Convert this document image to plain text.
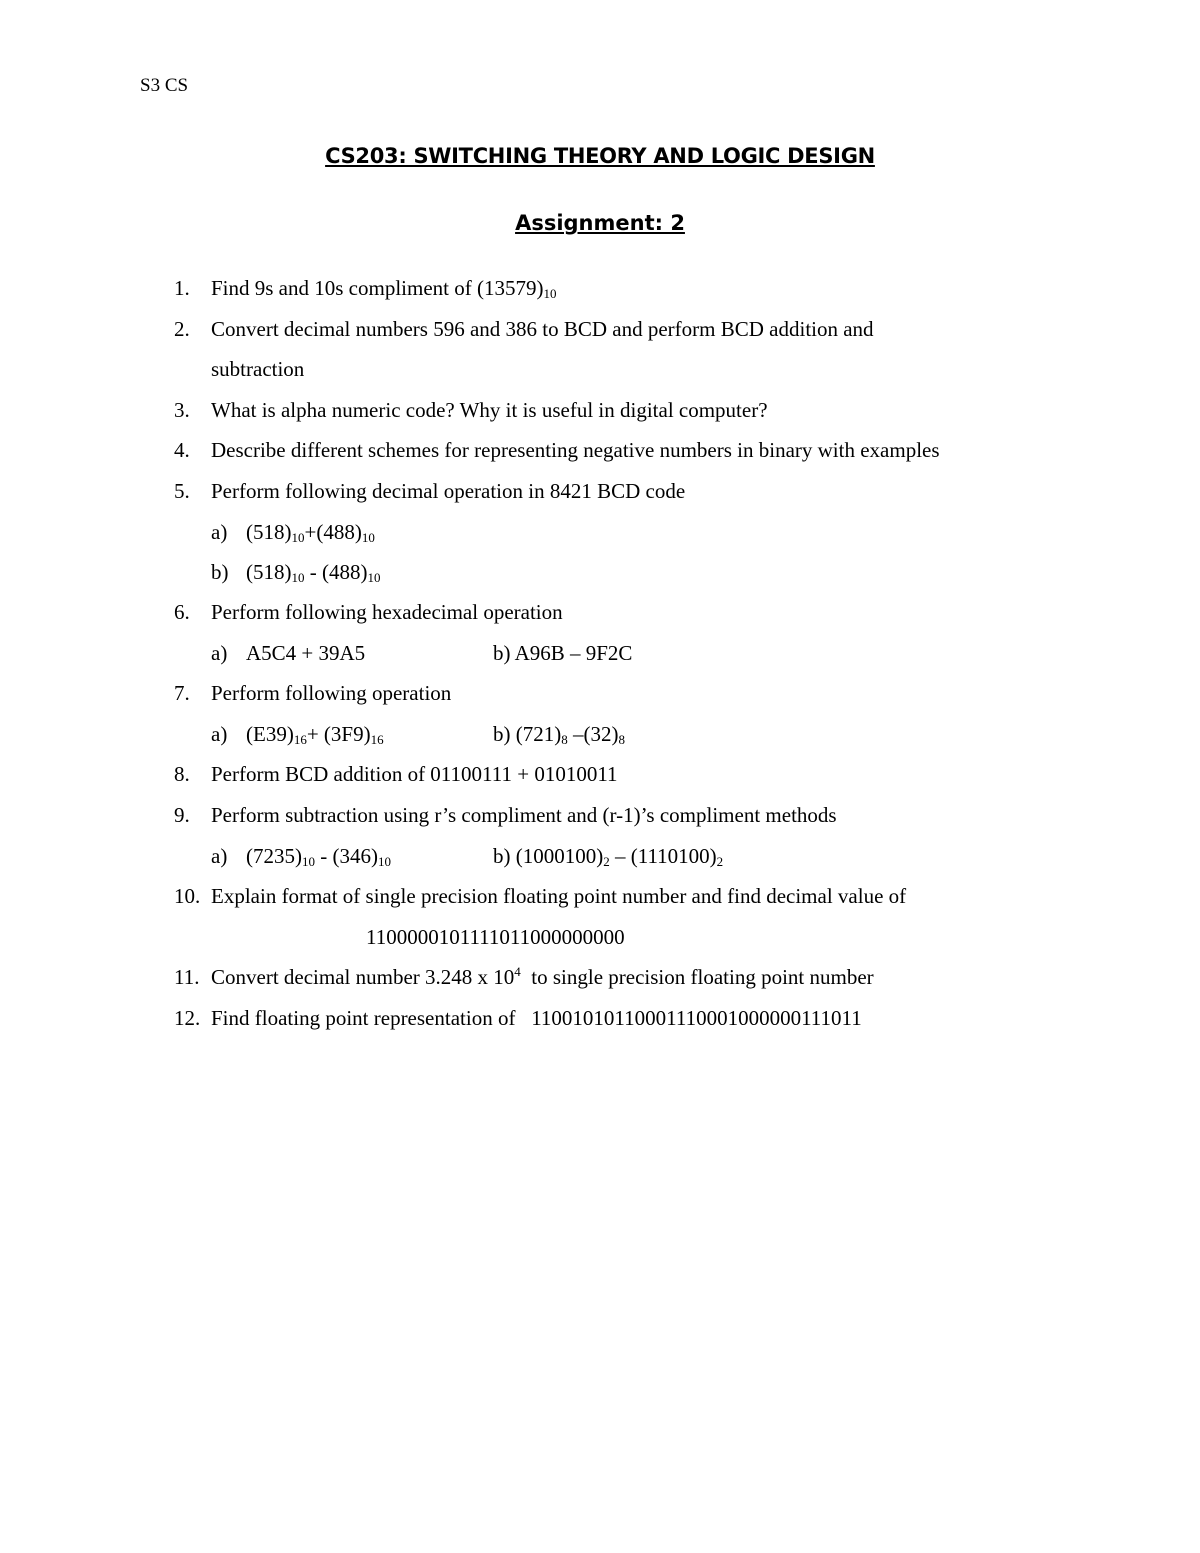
S3 CS
CS203: SWITCHING THEORY AND LOGIC DESIGN
Assignment: 2
1. Find 9s and 10s compliment of $(13579)_{10}$
2. Convert decimal numbers 596 and 386 to BCD and perform BCD addition and
subtraction
3. What is alpha numeric code? Why it is useful in digital computer?
4. Describe different schemes for representing negative numbers in binary with examples
5. Perform following decimal operation in 8421 BCD code
a) $(518)_{10}+(488)_{10}$
b) $(518)_{10} - (488)_{10}$
6. Perform following hexadecimal operation
a) A5C4 + 39A5	b) A96B – 9F2C
7. Perform following operation
a) $(E39)_{16}+ (3F9)_{16}$	b) $(721)_8$ $-(32)_8$
8. Perform BCD addition of 01100111 + 01010011
9. Perform subtraction using r’s compliment and (r-1)’s compliment methods
a) $(7235)_{10} - (346)_{10}$	b) $(1000100)_2 - (1110100)_2$
10. Explain format of single precision floating point number and find decimal value of
1100000101111011000000000
11. Convert decimal number 3.248 x $10^4$  to single precision floating point number
12. Find floating point representation of   11001010110001110001000000111011
